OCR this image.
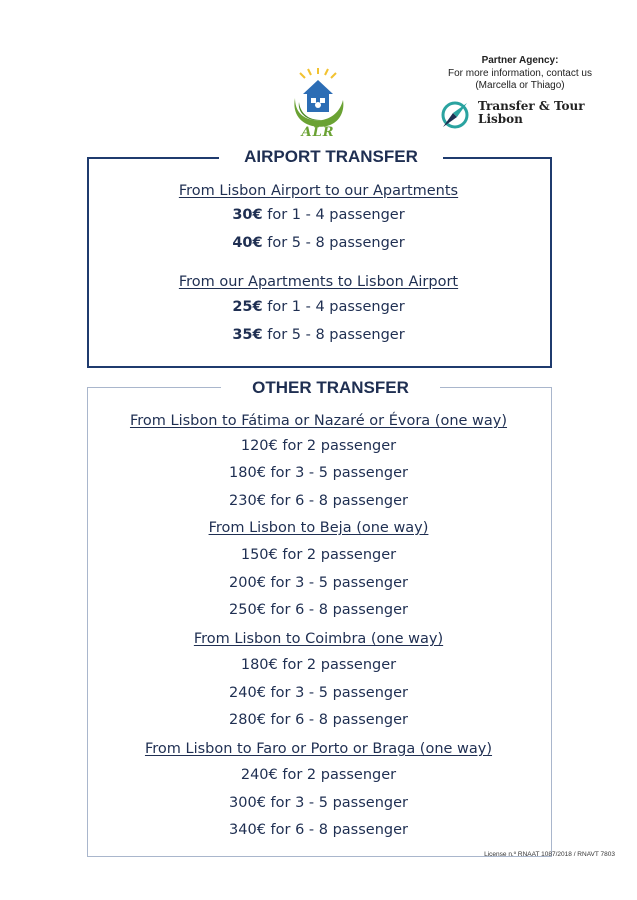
ALR
Partner Agency:
For more information, contact us
(Marcella or Thiago)
Transfer & Tour
Lisbon
AIRPORT TRANSFER
From Lisbon Airport to our Apartments
30€ for 1 - 4 passenger
40€ for 5 - 8 passenger
From our Apartments to Lisbon Airport
25€ for 1 - 4 passenger
35€ for 5 - 8 passenger
OTHER TRANSFER
From Lisbon to Fátima or Nazaré or Évora (one way)
120€ for 2 passenger
180€ for 3 - 5 passenger
230€ for 6 - 8 passenger
From Lisbon to Beja (one way)
150€ for 2 passenger
200€ for 3 - 5 passenger
250€ for 6 - 8 passenger
From Lisbon to Coimbra (one way)
180€ for 2 passenger
240€ for 3 - 5 passenger
280€ for 6 - 8 passenger
From Lisbon to Faro or Porto or Braga (one way)
240€ for 2 passenger
300€ for 3 - 5 passenger
340€ for 6 - 8 passenger
License n.º RNAAT 1087/2018 / RNAVT 7803
